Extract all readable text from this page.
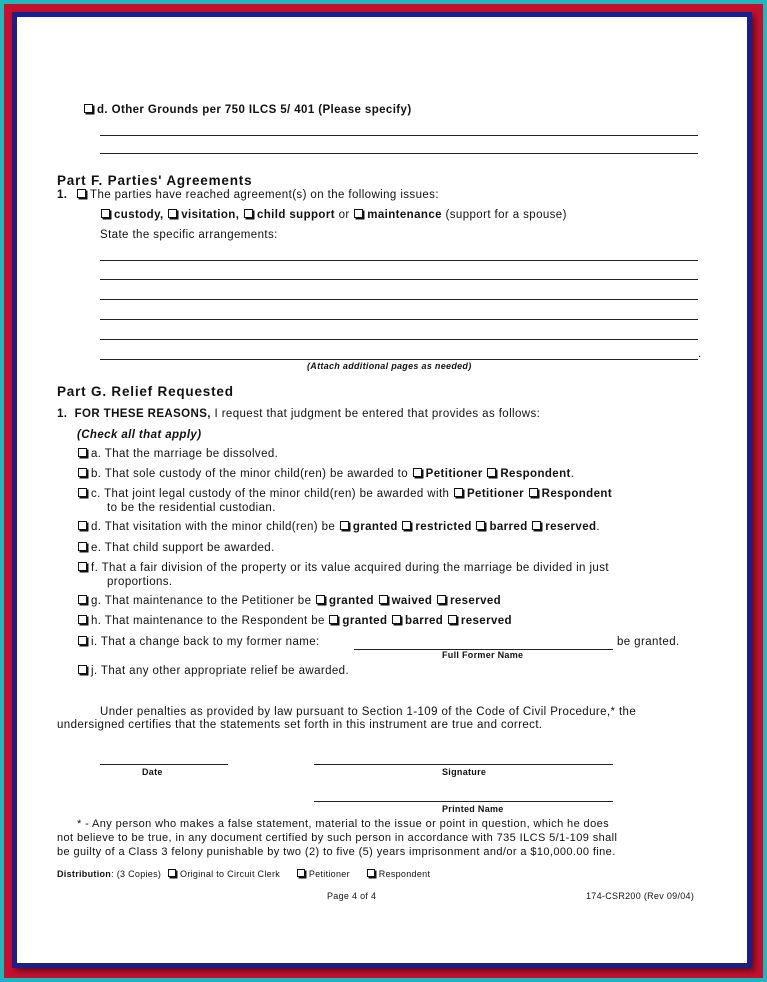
d. Other Grounds per 750 ILCS 5/ 401 (Please specify)
Part F. Parties' Agreements
1. The parties have reached agreement(s) on the following issues:
custody, visitation, child support or maintenance (support for a spouse)
State the specific arrangements:
.
(Attach additional pages as needed)
Part G. Relief Requested
1. FOR THESE REASONS, I request that judgment be entered that provides as follows:
(Check all that apply)
a. That the marriage be dissolved.
b. That sole custody of the minor child(ren) be awarded to Petitioner Respondent.
c. That joint legal custody of the minor child(ren) be awarded with Petitioner Respondent
to be the residential custodian.
d. That visitation with the minor child(ren) be granted restricted barred reserved.
e. That child support be awarded.
f. That a fair division of the property or its value acquired during the marriage be divided in just
proportions.
g. That maintenance to the Petitioner be granted waived reserved
h. That maintenance to the Respondent be granted barred reserved
i. That a change back to my former name:	be granted.
Full Former Name
j. That any other appropriate relief be awarded.
Under penalties as provided by law pursuant to Section 1-109 of the Code of Civil Procedure,* the
undersigned certifies that the statements set forth in this instrument are true and correct.
Date	Signature
Printed Name
* - Any person who makes a false statement, material to the issue or point in question, which he does
not believe to be true, in any document certified by such person in accordance with 735 ILCS 5/1-109 shall
be guilty of a Class 3 felony punishable by two (2) to five (5) years imprisonment and/or a $10,000.00 fine.
Distribution: (3 Copies) Original to Circuit Clerk	Petitioner	Respondent
Page 4 of 4	174-CSR200 (Rev 09/04)
